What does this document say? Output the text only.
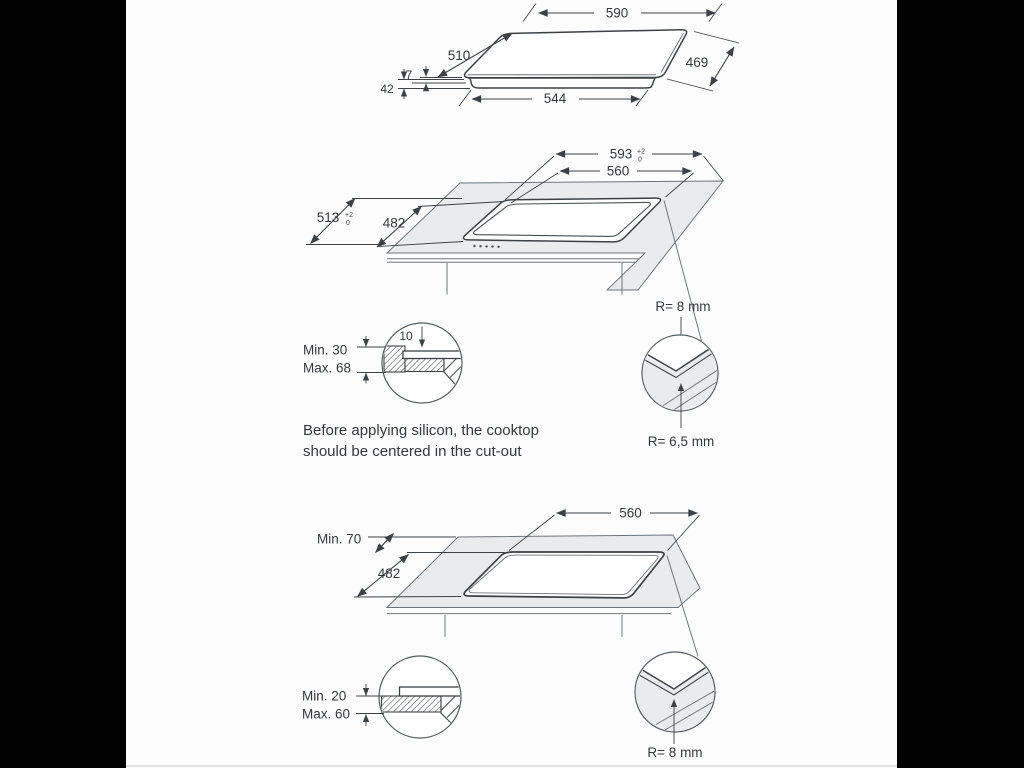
590
510	469
544
7
42
593 +2
0
560
513 +2
0 482
R= 8 mm
R= 6,5 mm
10
Min. 30
Max. 68
Before applying silicon, the cooktop
should be centered in the cut-out
560
Min. 70
482
Min. 20
Max. 60
R= 8 mm
